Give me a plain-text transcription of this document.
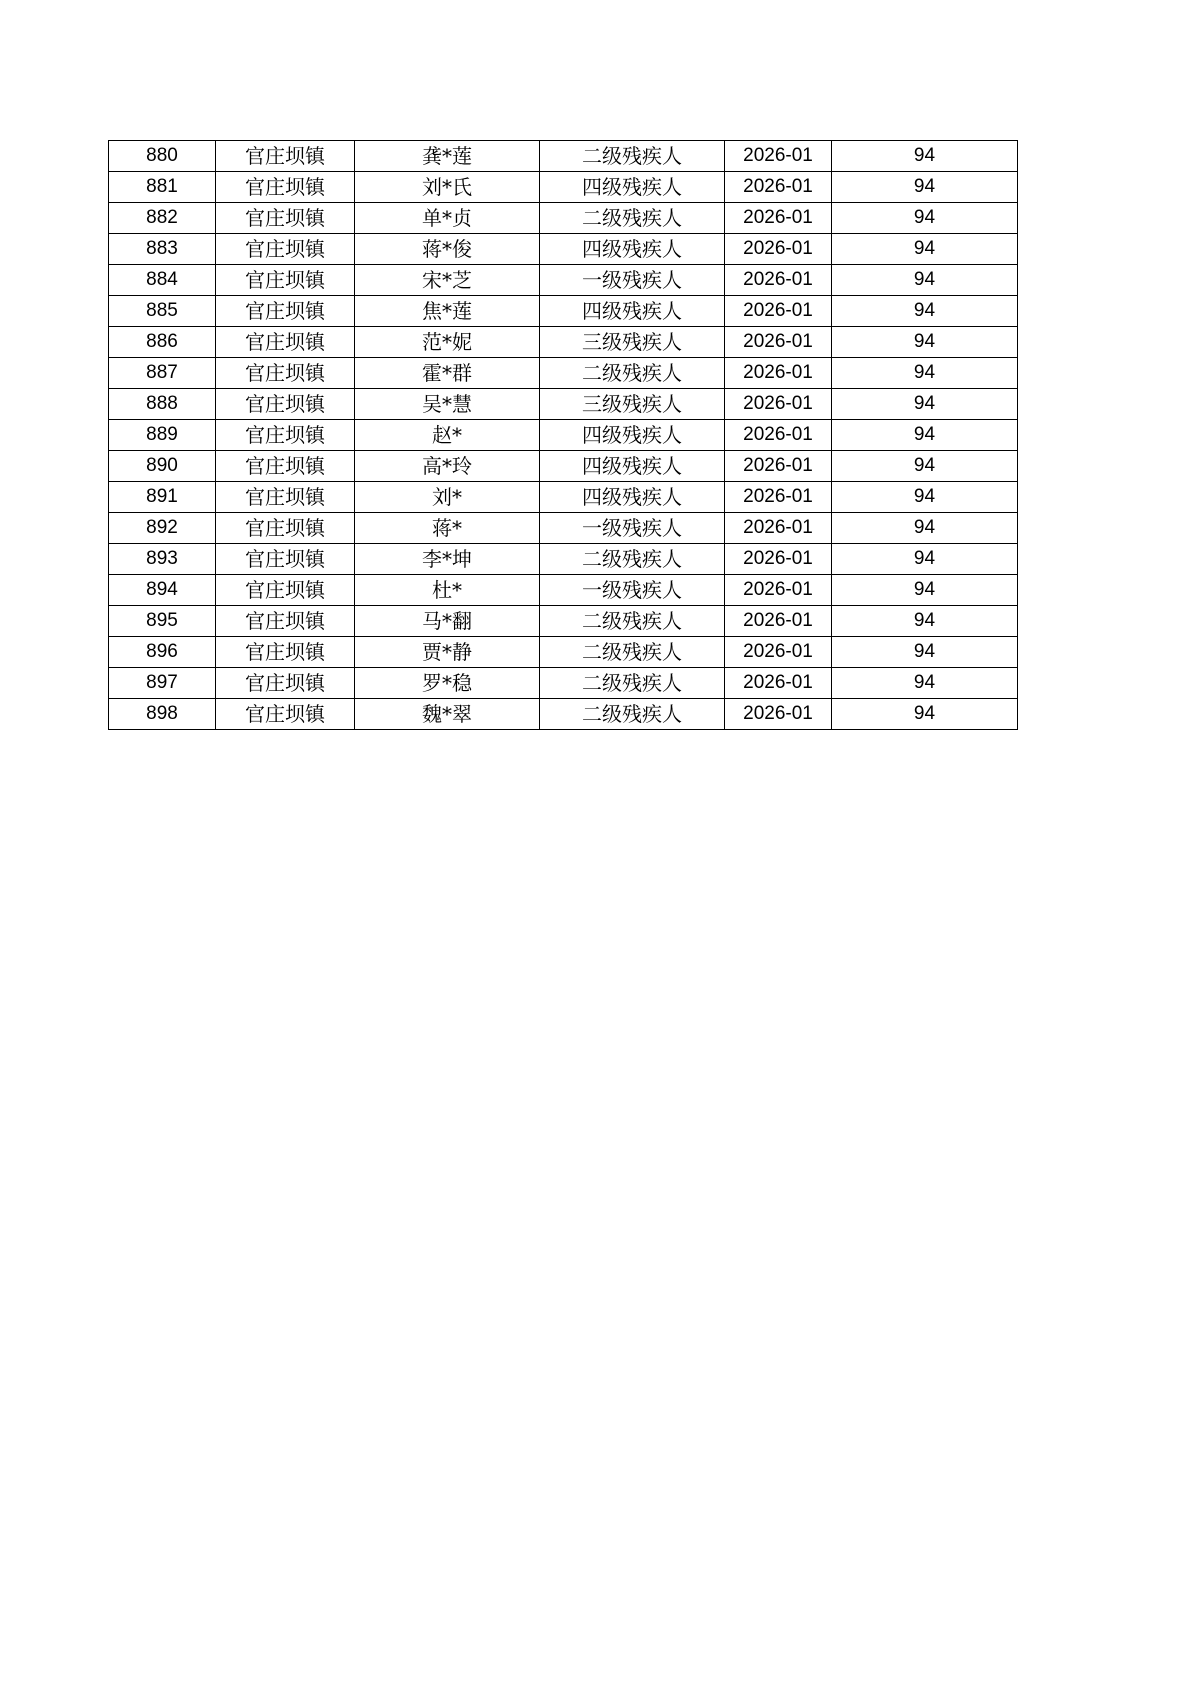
880	官庄坝镇	龚*莲	二级残疾人	2026-01	94
881	官庄坝镇	刘*氏	四级残疾人	2026-01	94
882	官庄坝镇	单*贞	二级残疾人	2026-01	94
883	官庄坝镇	蒋*俊	四级残疾人	2026-01	94
884	官庄坝镇	宋*芝	一级残疾人	2026-01	94
885	官庄坝镇	焦*莲	四级残疾人	2026-01	94
886	官庄坝镇	范*妮	三级残疾人	2026-01	94
887	官庄坝镇	霍*群	二级残疾人	2026-01	94
888	官庄坝镇	吴*慧	三级残疾人	2026-01	94
889	官庄坝镇	赵*	四级残疾人	2026-01	94
890	官庄坝镇	高*玲	四级残疾人	2026-01	94
891	官庄坝镇	刘*	四级残疾人	2026-01	94
892	官庄坝镇	蒋*	一级残疾人	2026-01	94
893	官庄坝镇	李*坤	二级残疾人	2026-01	94
894	官庄坝镇	杜*	一级残疾人	2026-01	94
895	官庄坝镇	马*翻	二级残疾人	2026-01	94
896	官庄坝镇	贾*静	二级残疾人	2026-01	94
897	官庄坝镇	罗*稳	二级残疾人	2026-01	94
898	官庄坝镇	魏*翠	二级残疾人	2026-01	94
